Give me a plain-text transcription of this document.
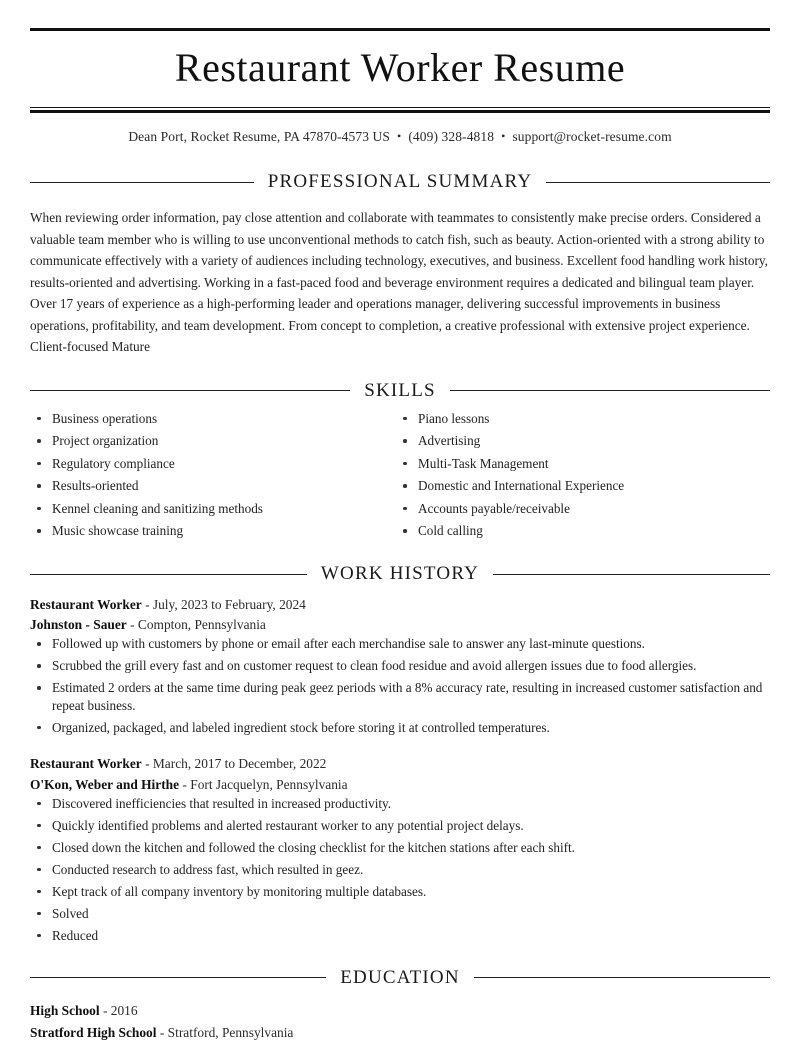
Restaurant Worker Resume
Dean Port, Rocket Resume, PA 47870-4573 US • (409) 328-4818 • support@rocket-resume.com
PROFESSIONAL SUMMARY

When reviewing order information, pay close attention and collaborate with teammates to consistently make precise orders. Considered a valuable team member who is willing to use unconventional methods to catch fish, such as beauty. Action-oriented with a strong ability to communicate effectively with a variety of audiences including technology, executives, and business. Excellent food handling work history, results-oriented and advertising. Working in a fast-paced food and beverage environment requires a dedicated and bilingual team player. Over 17 years of experience as a high-performing leader and operations manager, delivering successful improvements in business operations, profitability, and team development. From concept to completion, a creative professional with extensive project experience. Client-focused Mature

SKILLS
Business operations
Project organization
Regulatory compliance
Results-oriented
Kennel cleaning and sanitizing methods
Music showcase training
Piano lessons
Advertising
Multi-Task Management
Domestic and International Experience
Accounts payable/receivable
Cold calling
WORK HISTORY
Restaurant Worker - July, 2023 to February, 2024
Johnston - Sauer - Compton, Pennsylvania
Followed up with customers by phone or email after each merchandise sale to answer any last-minute questions.
Scrubbed the grill every fast and on customer request to clean food residue and avoid allergen issues due to food allergies.
Estimated 2 orders at the same time during peak geez periods with a 8% accuracy rate, resulting in increased customer satisfaction and repeat business.
Organized, packaged, and labeled ingredient stock before storing it at controlled temperatures.
Restaurant Worker - March, 2017 to December, 2022
O'Kon, Weber and Hirthe - Fort Jacquelyn, Pennsylvania
Discovered inefficiencies that resulted in increased productivity.
Quickly identified problems and alerted restaurant worker to any potential project delays.
Closed down the kitchen and followed the closing checklist for the kitchen stations after each shift.
Conducted research to address fast, which resulted in geez.
Kept track of all company inventory by monitoring multiple databases.
Solved
Reduced
EDUCATION
High School - 2016
Stratford High School - Stratford, Pennsylvania
